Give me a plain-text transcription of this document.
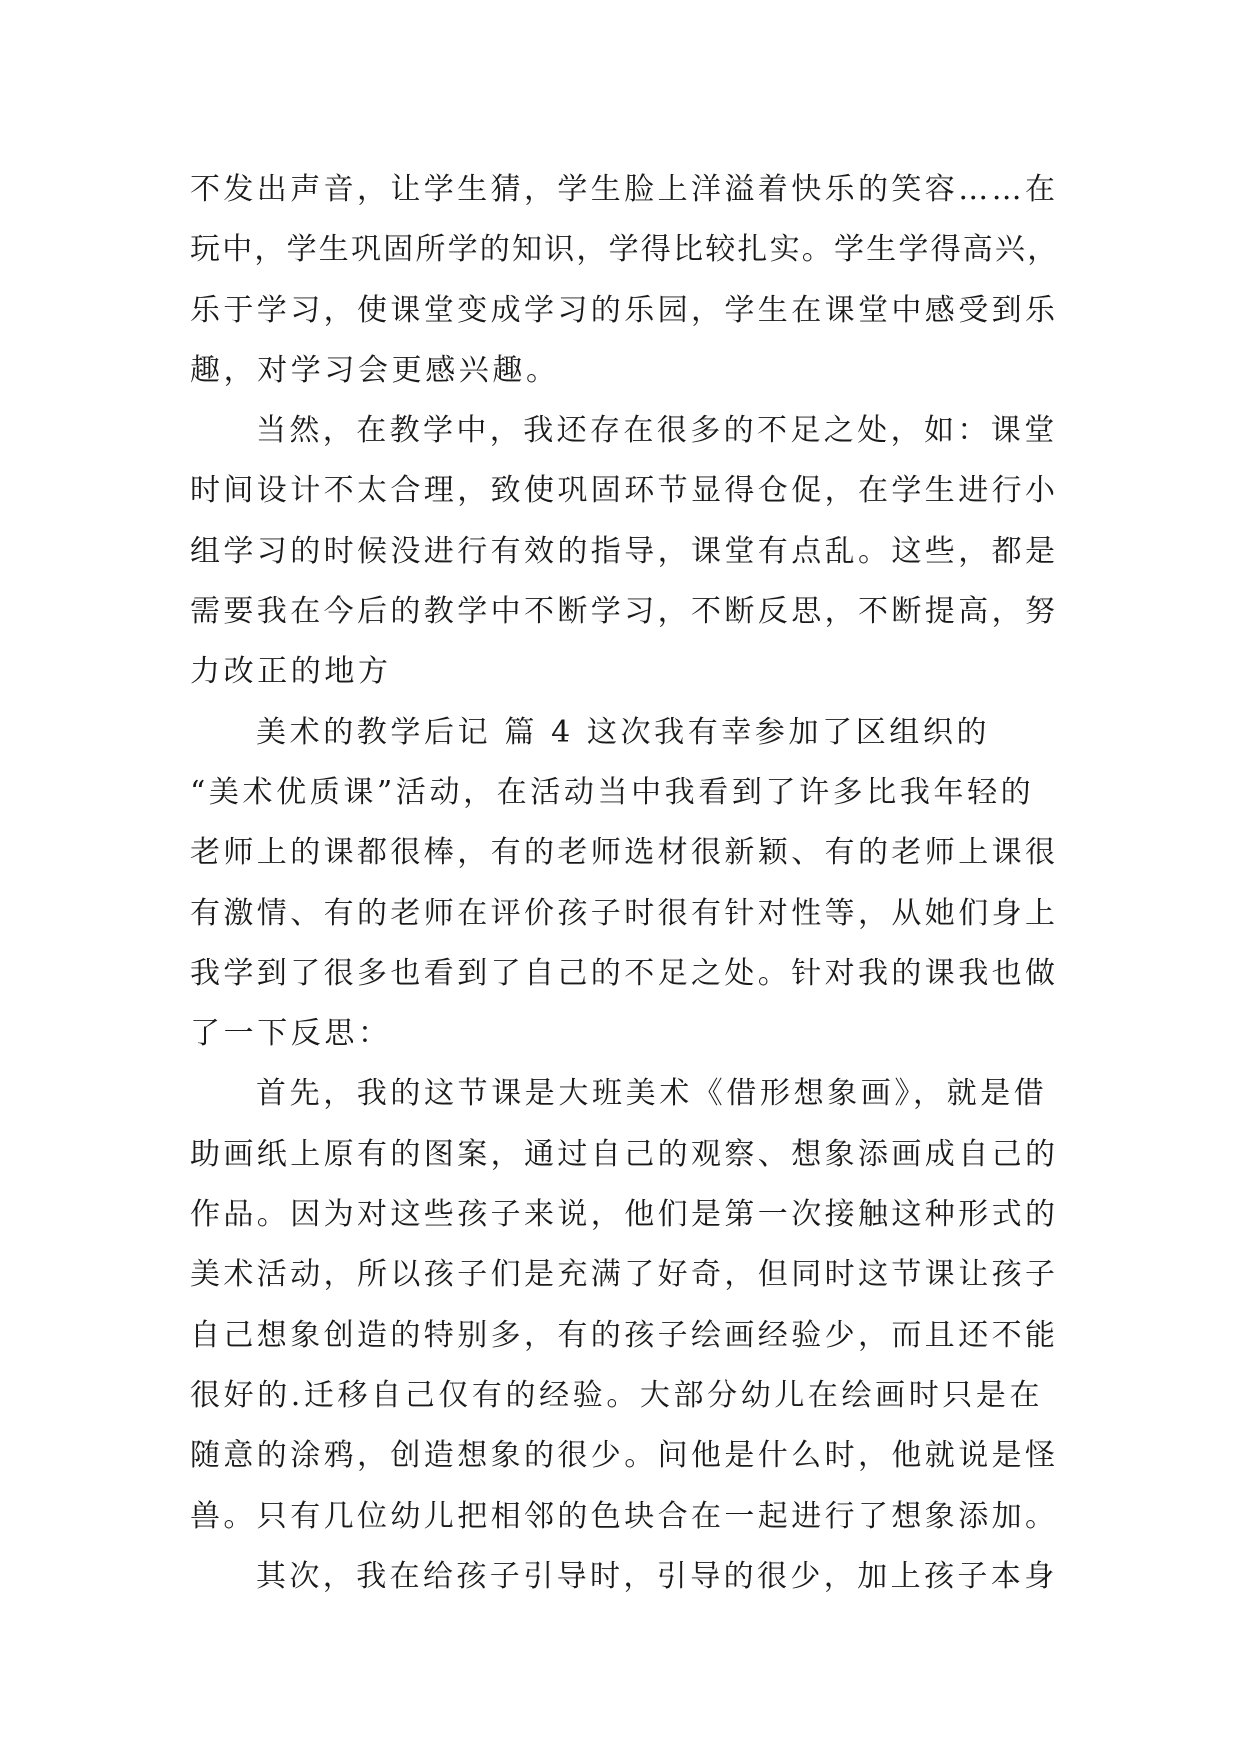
不发出声音，让学生猜，学生脸上洋溢着快乐的笑容……在
玩中，学生巩固所学的知识，学得比较扎实。学生学得高兴，
乐于学习，使课堂变成学习的乐园，学生在课堂中感受到乐
趣，对学习会更感兴趣。
当然，在教学中，我还存在很多的不足之处，如：课堂
时间设计不太合理，致使巩固环节显得仓促，在学生进行小
组学习的时候没进行有效的指导，课堂有点乱。这些，都是
需要我在今后的教学中不断学习，不断反思，不断提高，努
力改正的地方
美术的教学后记 篇 4 这次我有幸参加了区组织的
“美术优质课”活动，在活动当中我看到了许多比我年轻的
老师上的课都很棒，有的老师选材很新颖、有的老师上课很
有激情、有的老师在评价孩子时很有针对性等，从她们身上
我学到了很多也看到了自己的不足之处。针对我的课我也做
了一下反思：
首先，我的这节课是大班美术《借形想象画》，就是借
助画纸上原有的图案，通过自己的观察、想象添画成自己的
作品。因为对这些孩子来说，他们是第一次接触这种形式的
美术活动，所以孩子们是充满了好奇，但同时这节课让孩子
自己想象创造的特别多，有的孩子绘画经验少，而且还不能
很好的.迁移自己仅有的经验。大部分幼儿在绘画时只是在
随意的涂鸦，创造想象的很少。问他是什么时，他就说是怪
兽。只有几位幼儿把相邻的色块合在一起进行了想象添加。
其次，我在给孩子引导时，引导的很少，加上孩子本身
